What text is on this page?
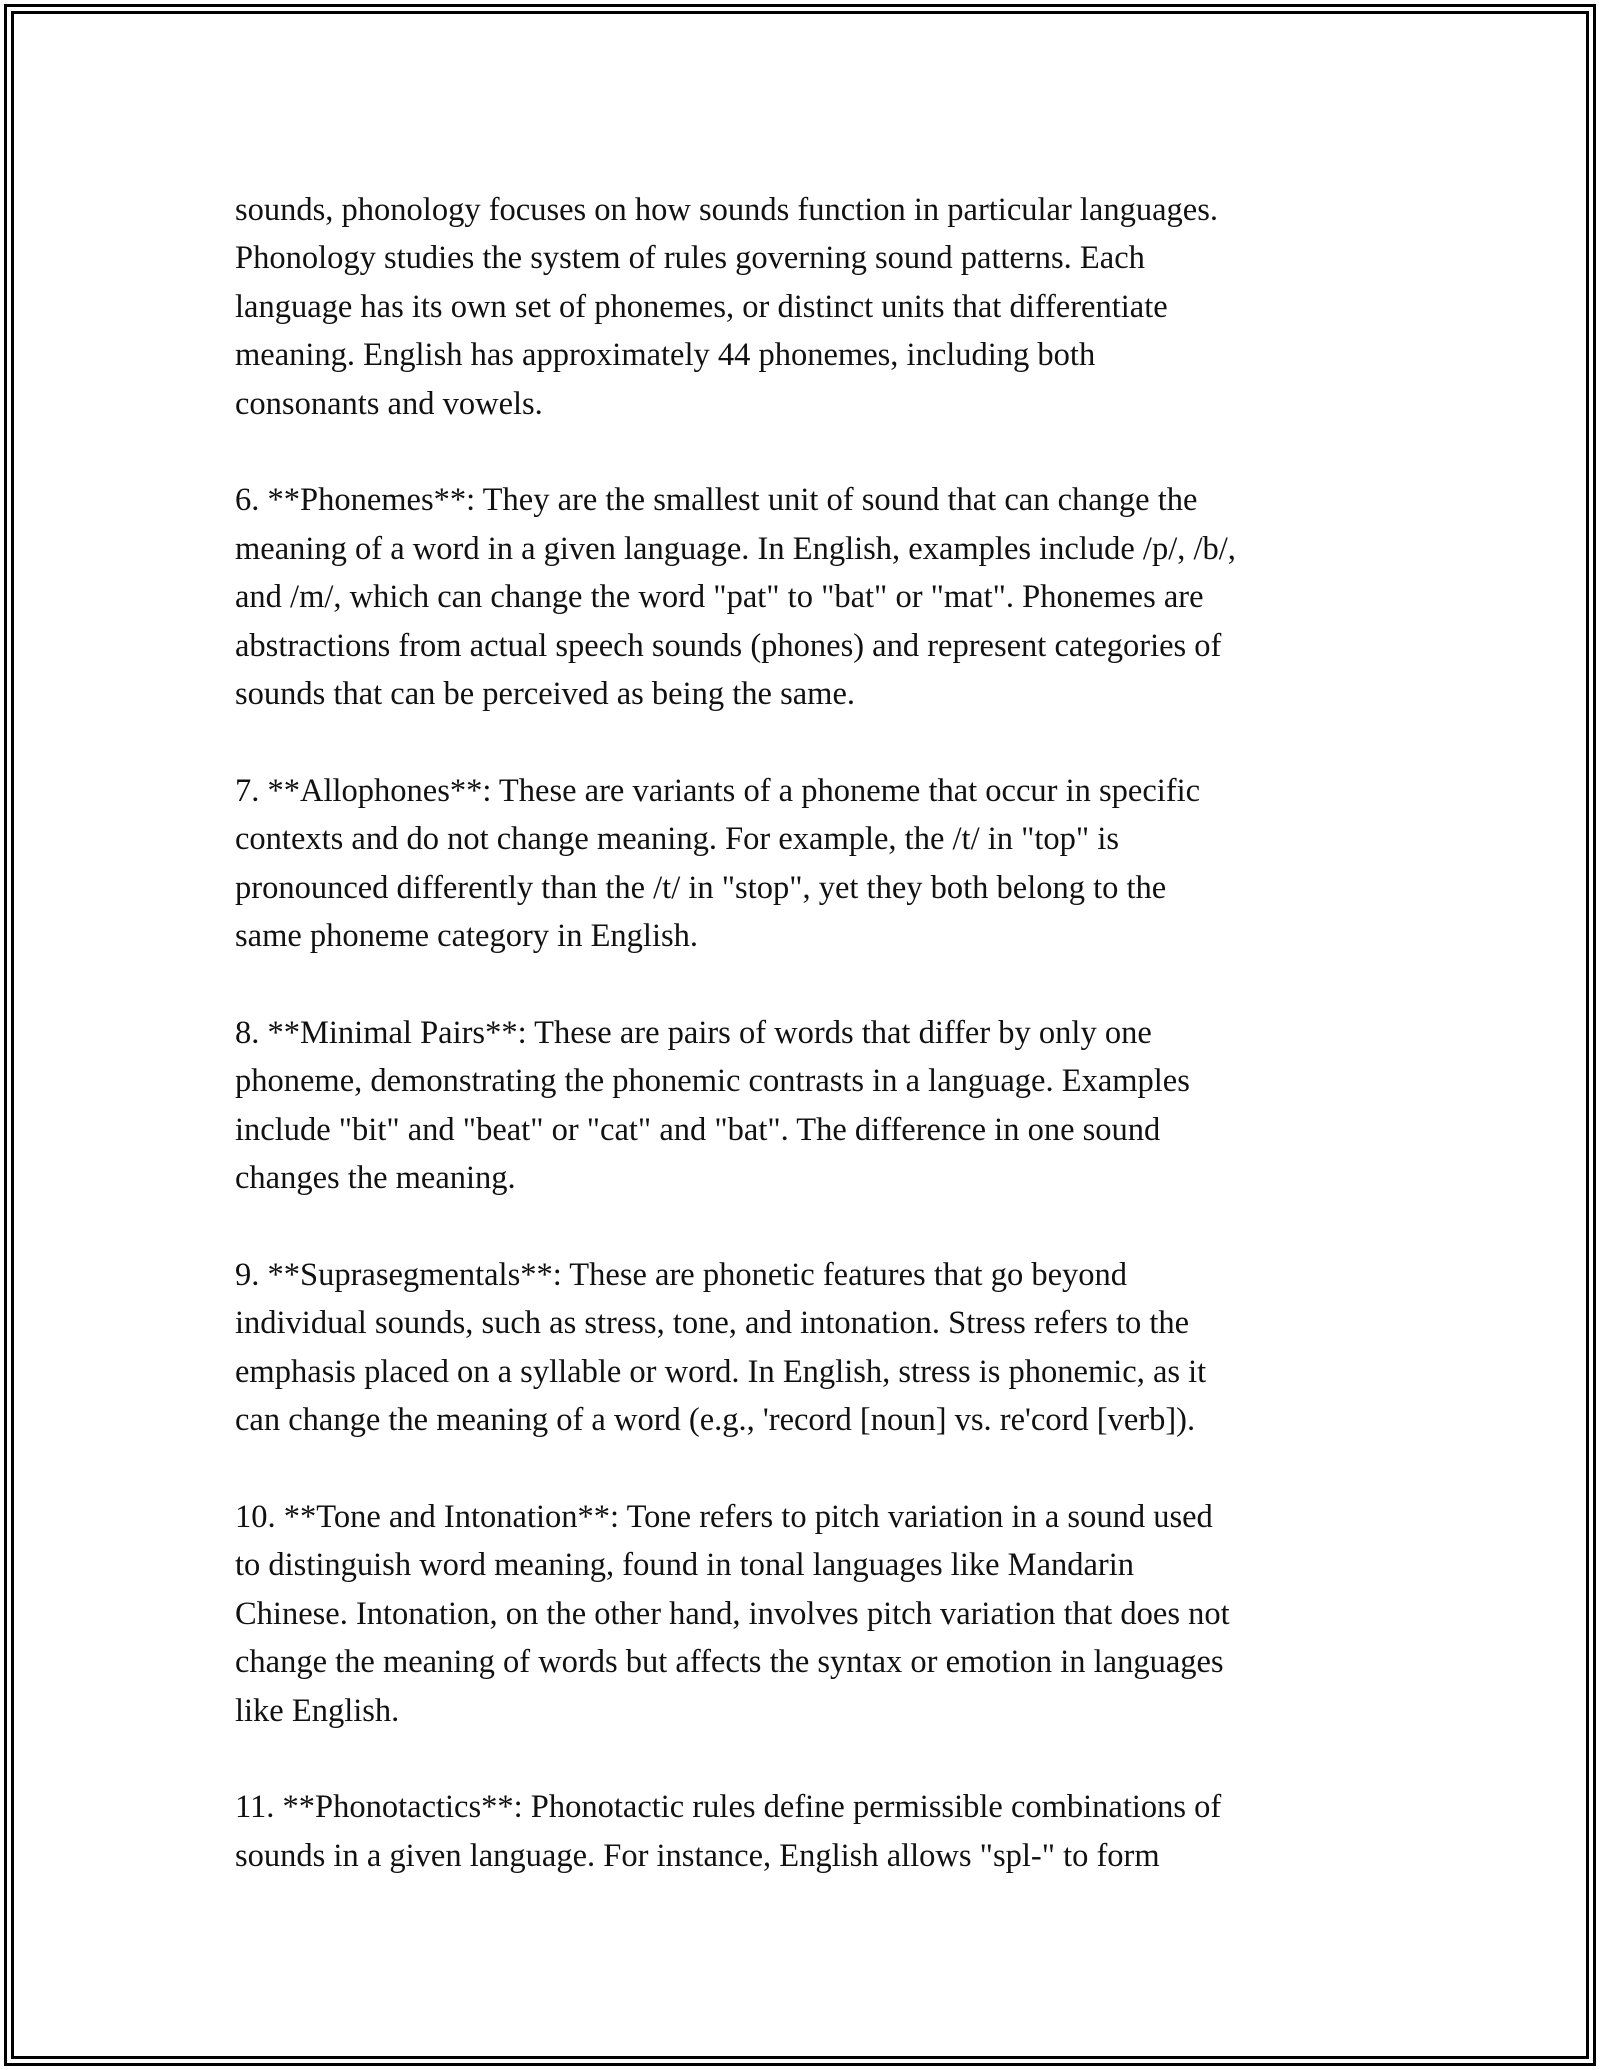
sounds, phonology focuses on how sounds function in particular languages.
Phonology studies the system of rules governing sound patterns. Each
language has its own set of phonemes, or distinct units that differentiate
meaning. English has approximately 44 phonemes, including both
consonants and vowels.

6. **Phonemes**: They are the smallest unit of sound that can change the
meaning of a word in a given language. In English, examples include /p/, /b/,
and /m/, which can change the word "pat" to "bat" or "mat". Phonemes are
abstractions from actual speech sounds (phones) and represent categories of
sounds that can be perceived as being the same.

7. **Allophones**: These are variants of a phoneme that occur in specific
contexts and do not change meaning. For example, the /t/ in "top" is
pronounced differently than the /t/ in "stop", yet they both belong to the
same phoneme category in English.

8. **Minimal Pairs**: These are pairs of words that differ by only one
phoneme, demonstrating the phonemic contrasts in a language. Examples
include "bit" and "beat" or "cat" and "bat". The difference in one sound
changes the meaning.

9. **Suprasegmentals**: These are phonetic features that go beyond
individual sounds, such as stress, tone, and intonation. Stress refers to the
emphasis placed on a syllable or word. In English, stress is phonemic, as it
can change the meaning of a word (e.g., 'record [noun] vs. re'cord [verb]).

10. **Tone and Intonation**: Tone refers to pitch variation in a sound used
to distinguish word meaning, found in tonal languages like Mandarin
Chinese. Intonation, on the other hand, involves pitch variation that does not
change the meaning of words but affects the syntax or emotion in languages
like English.

11. **Phonotactics**: Phonotactic rules define permissible combinations of
sounds in a given language. For instance, English allows "spl-" to form
